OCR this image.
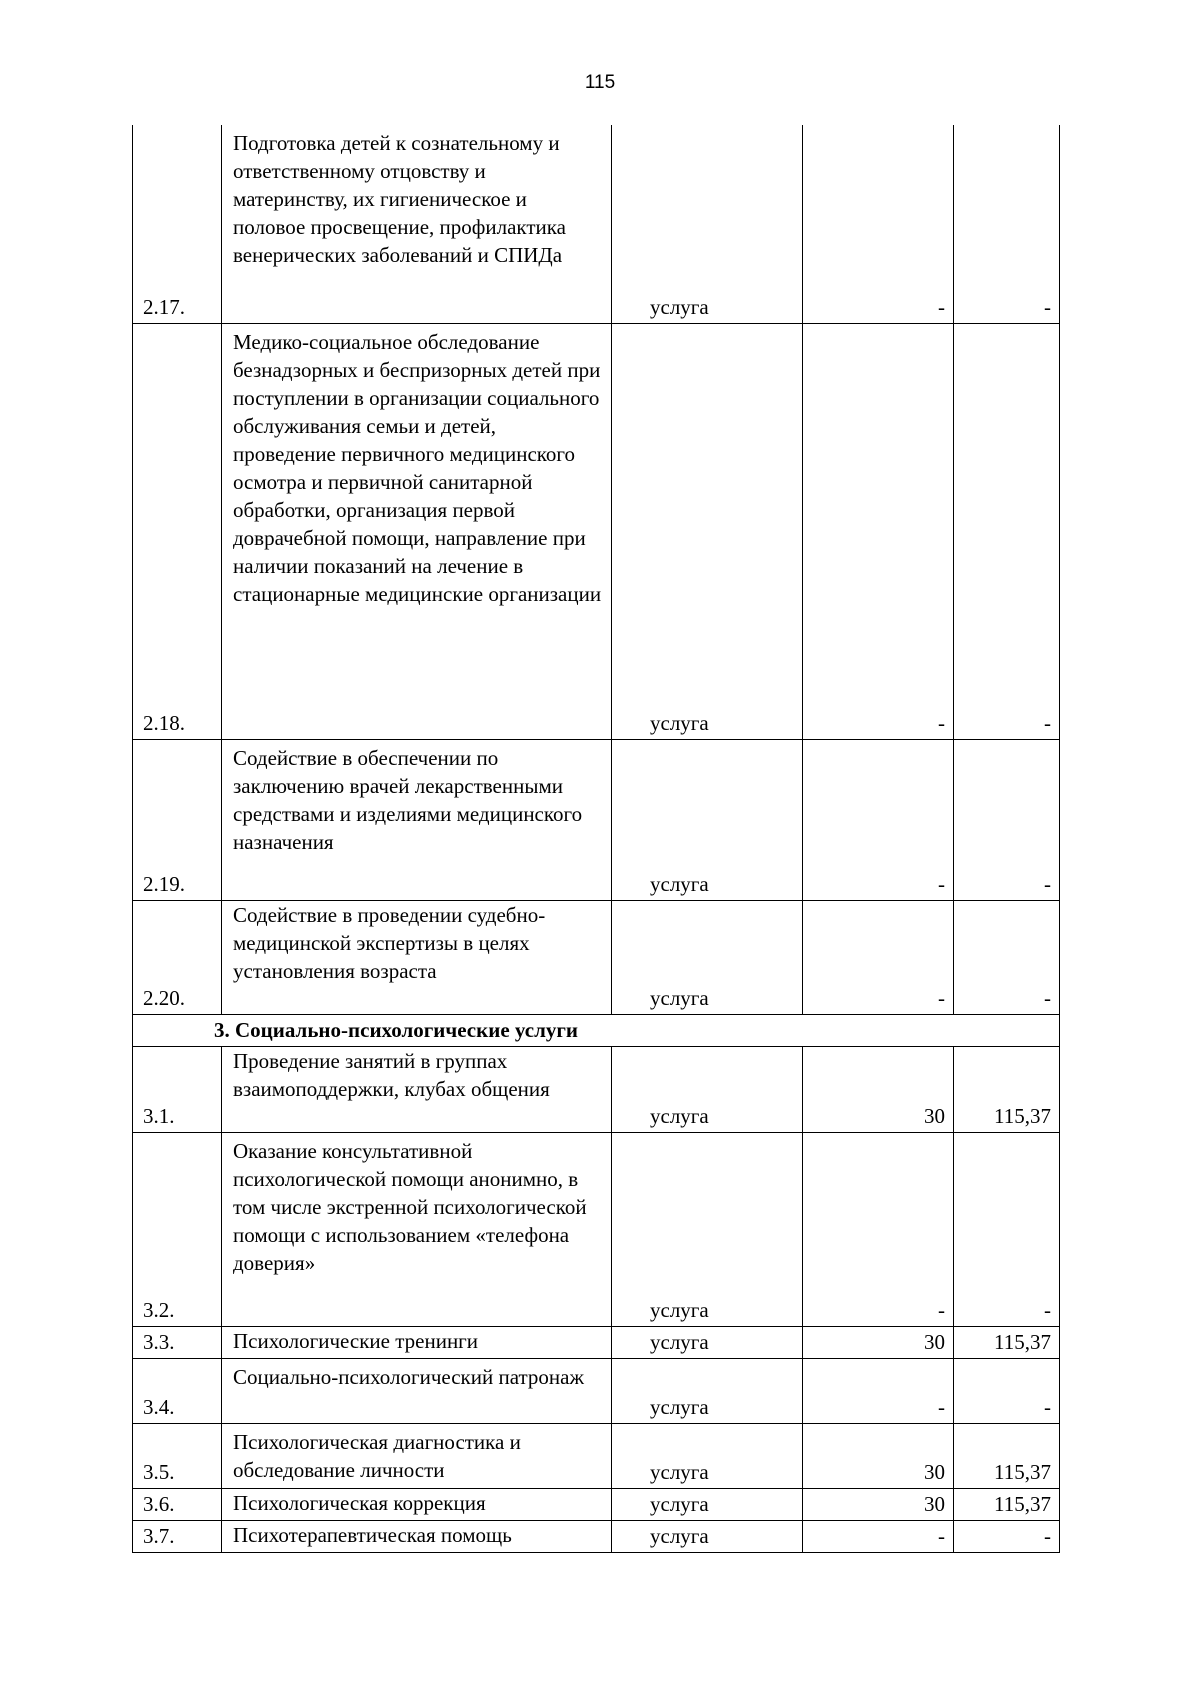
115
2.17.	Подготовка детей к сознательному и ответственному отцовству и материнству, их гигиеническое и половое просвещение, профилактика венерических заболеваний и СПИДа	услуга	-	-
2.18.	Медико-социальное обследование безнадзорных и беспризорных детей при поступлении в организации социального обслуживания семьи и детей, проведение первичного медицинского осмотра и первичной санитарной обработки, организация первой доврачебной помощи, направление при наличии показаний на лечение в стационарные медицинские организации	услуга	-	-
2.19.	Содействие в обеспечении по заключению врачей лекарственными средствами и изделиями медицинского назначения	услуга	-	-
2.20.	Содействие в проведении судебно-медицинской экспертизы в целях установления возраста	услуга	-	-
3. Социально-психологические услуги				
3.1.	Проведение занятий в группах взаимоподдержки, клубах общения	услуга	30	115,37
3.2.	Оказание консультативной психологической помощи анонимно, в том числе экстренной психологической помощи с использованием «телефона доверия»	услуга	-	-
3.3.	Психологические тренинги	услуга	30	115,37
3.4.	Социально-психологический патронаж	услуга	-	-
3.5.	Психологическая диагностика и обследование личности	услуга	30	115,37
3.6.	Психологическая коррекция	услуга	30	115,37
3.7.	Психотерапевтическая помощь	услуга	-	-
